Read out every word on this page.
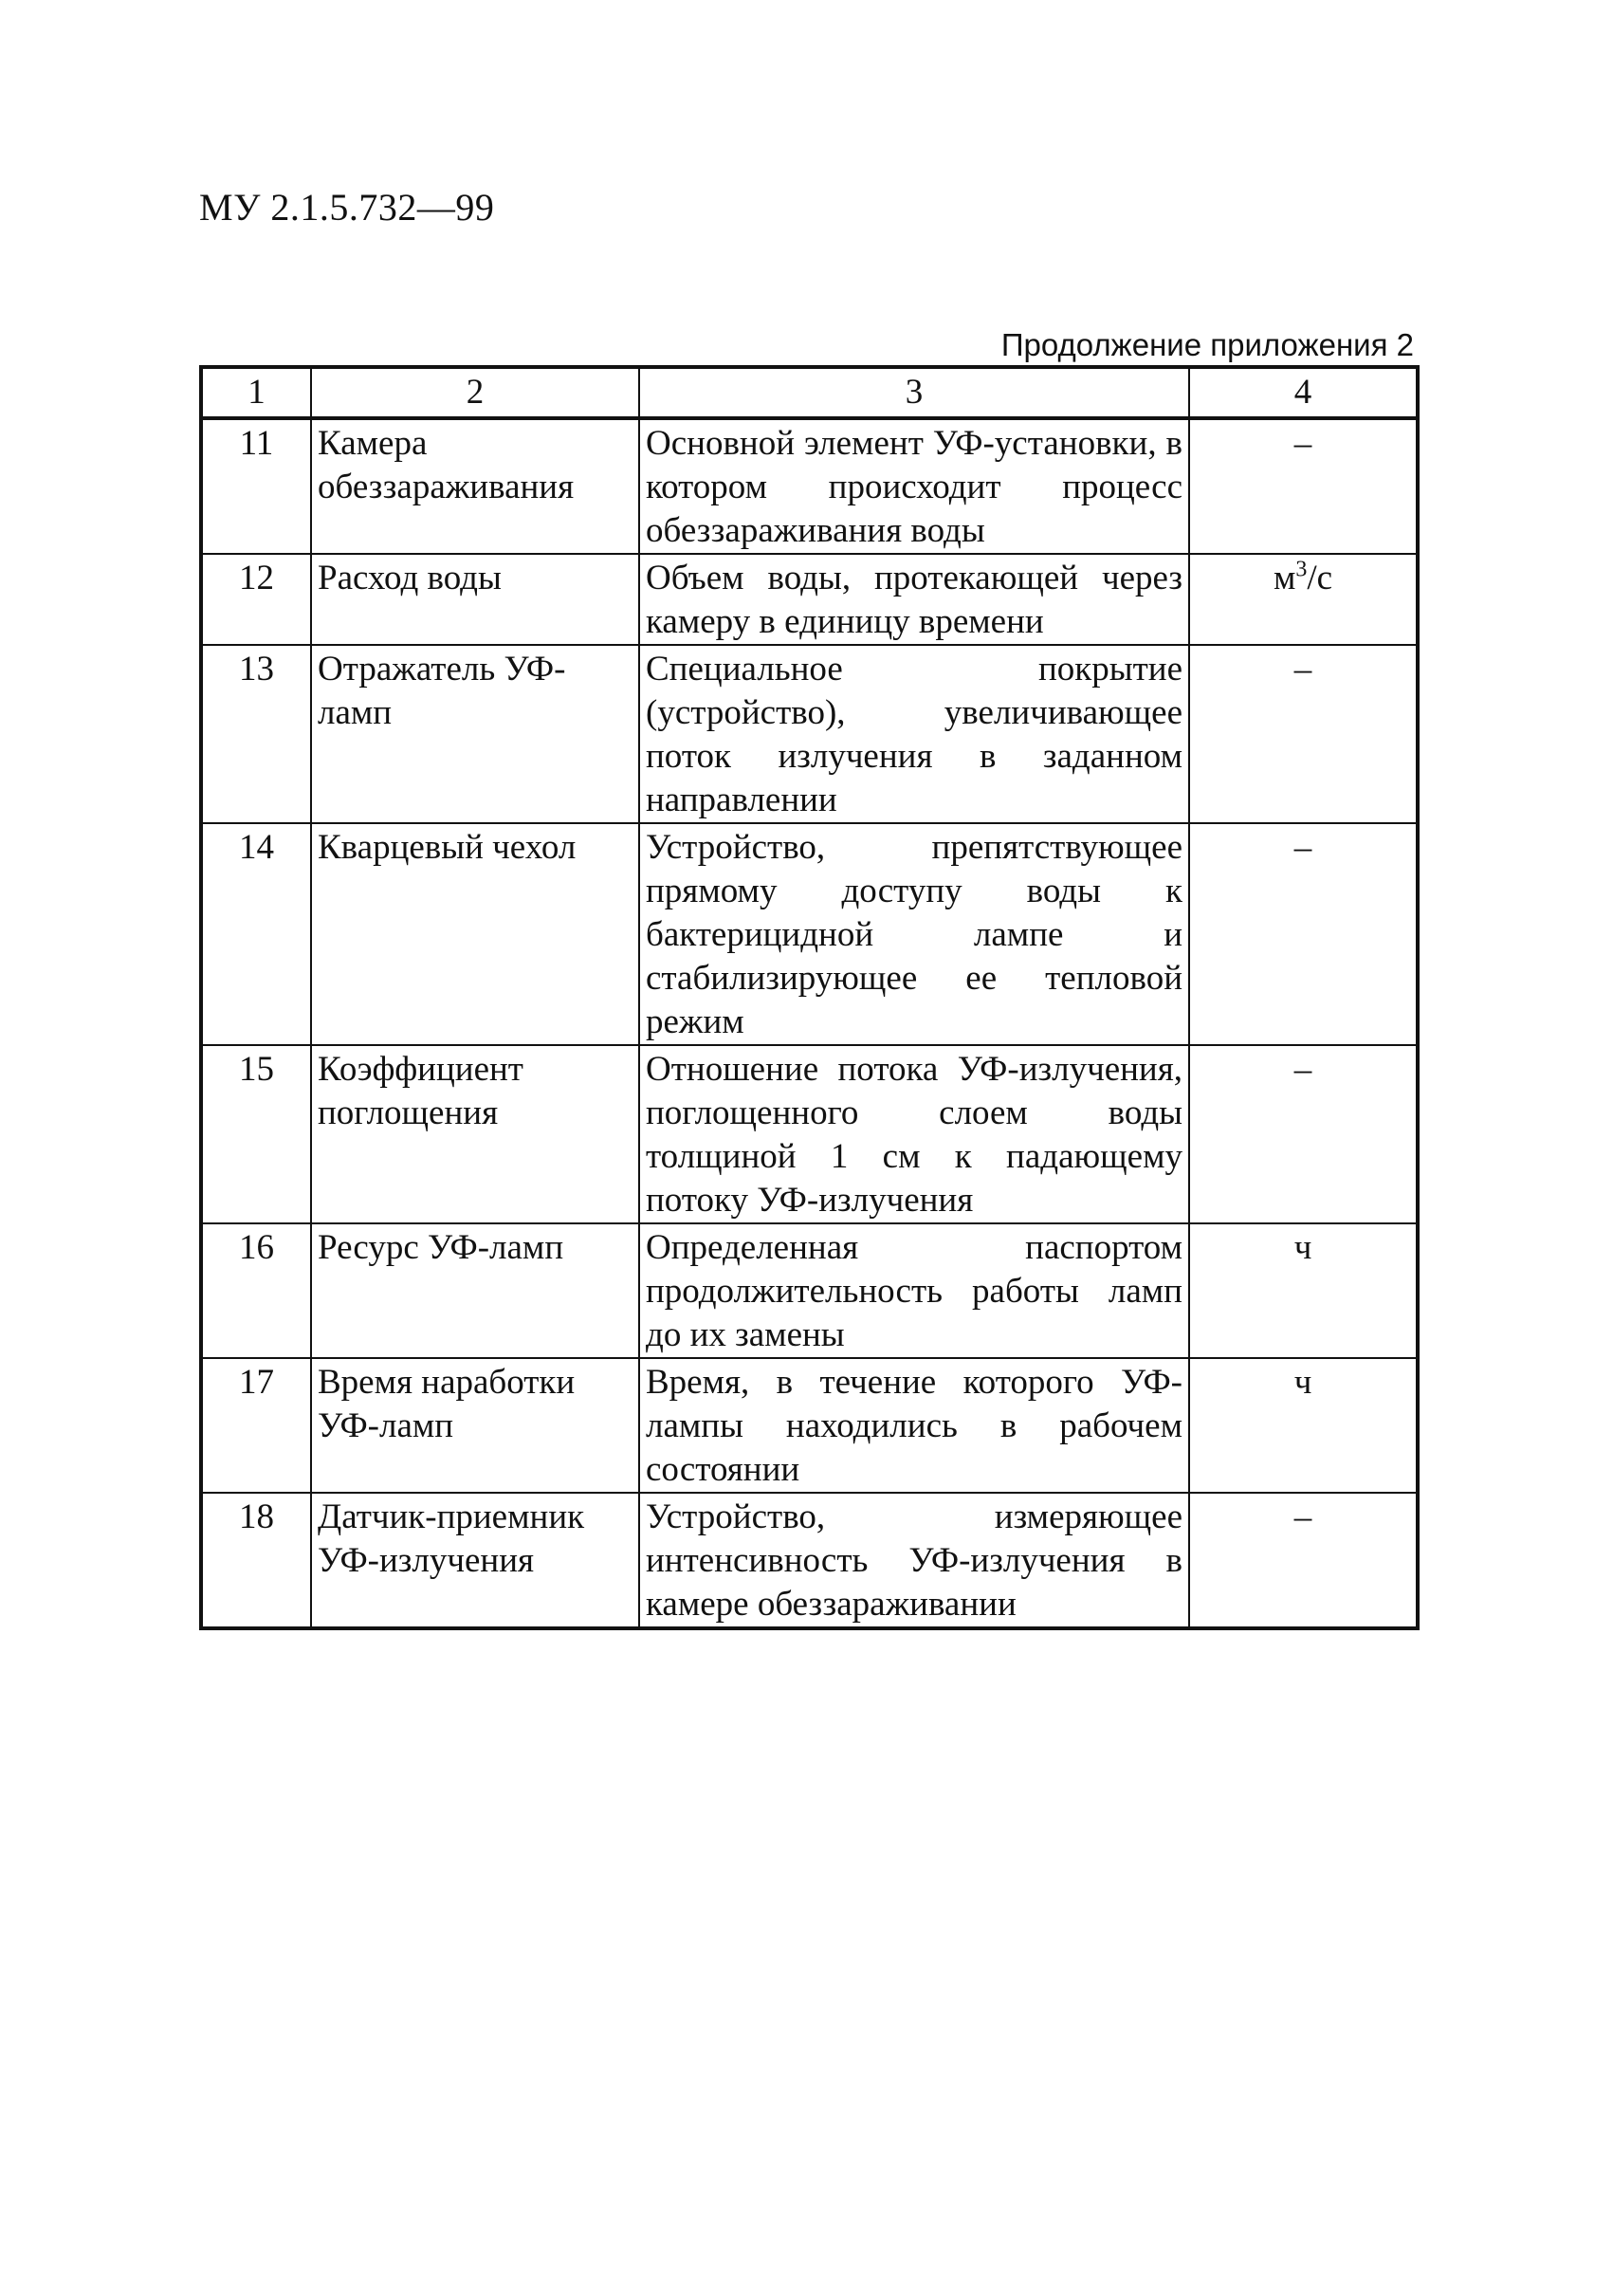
МУ 2.1.5.732—99
Продолжение приложения 2
1	2	3	4
11	Камера обеззараживания	Основной элемент УФ-установки, в котором происходит процесс обеззараживания воды	–
12	Расход воды	Объем воды, протекающей через камеру в единицу времени	$м^3/с$
13	Отражатель УФ-ламп	Специальное покрытие (устройство), увеличивающее поток излучения в заданном направлении	–
14	Кварцевый чехол	Устройство, препятствующее прямому доступу воды к бактерицидной лампе и стабилизирующее ее тепловой режим	–
15	Коэффициент поглощения	Отношение потока УФ-излучения, поглощенного слоем воды толщиной 1 см к падающему потоку УФ-излучения	–
16	Ресурс УФ-ламп	Определенная паспортом продолжительность работы ламп до их замены	ч
17	Время наработки УФ-ламп	Время, в течение которого УФ-лампы находились в рабочем состоянии	ч
18	Датчик-приемник УФ-излучения	Устройство, измеряющее интенсивность УФ-излучения в камере обеззараживании	–
